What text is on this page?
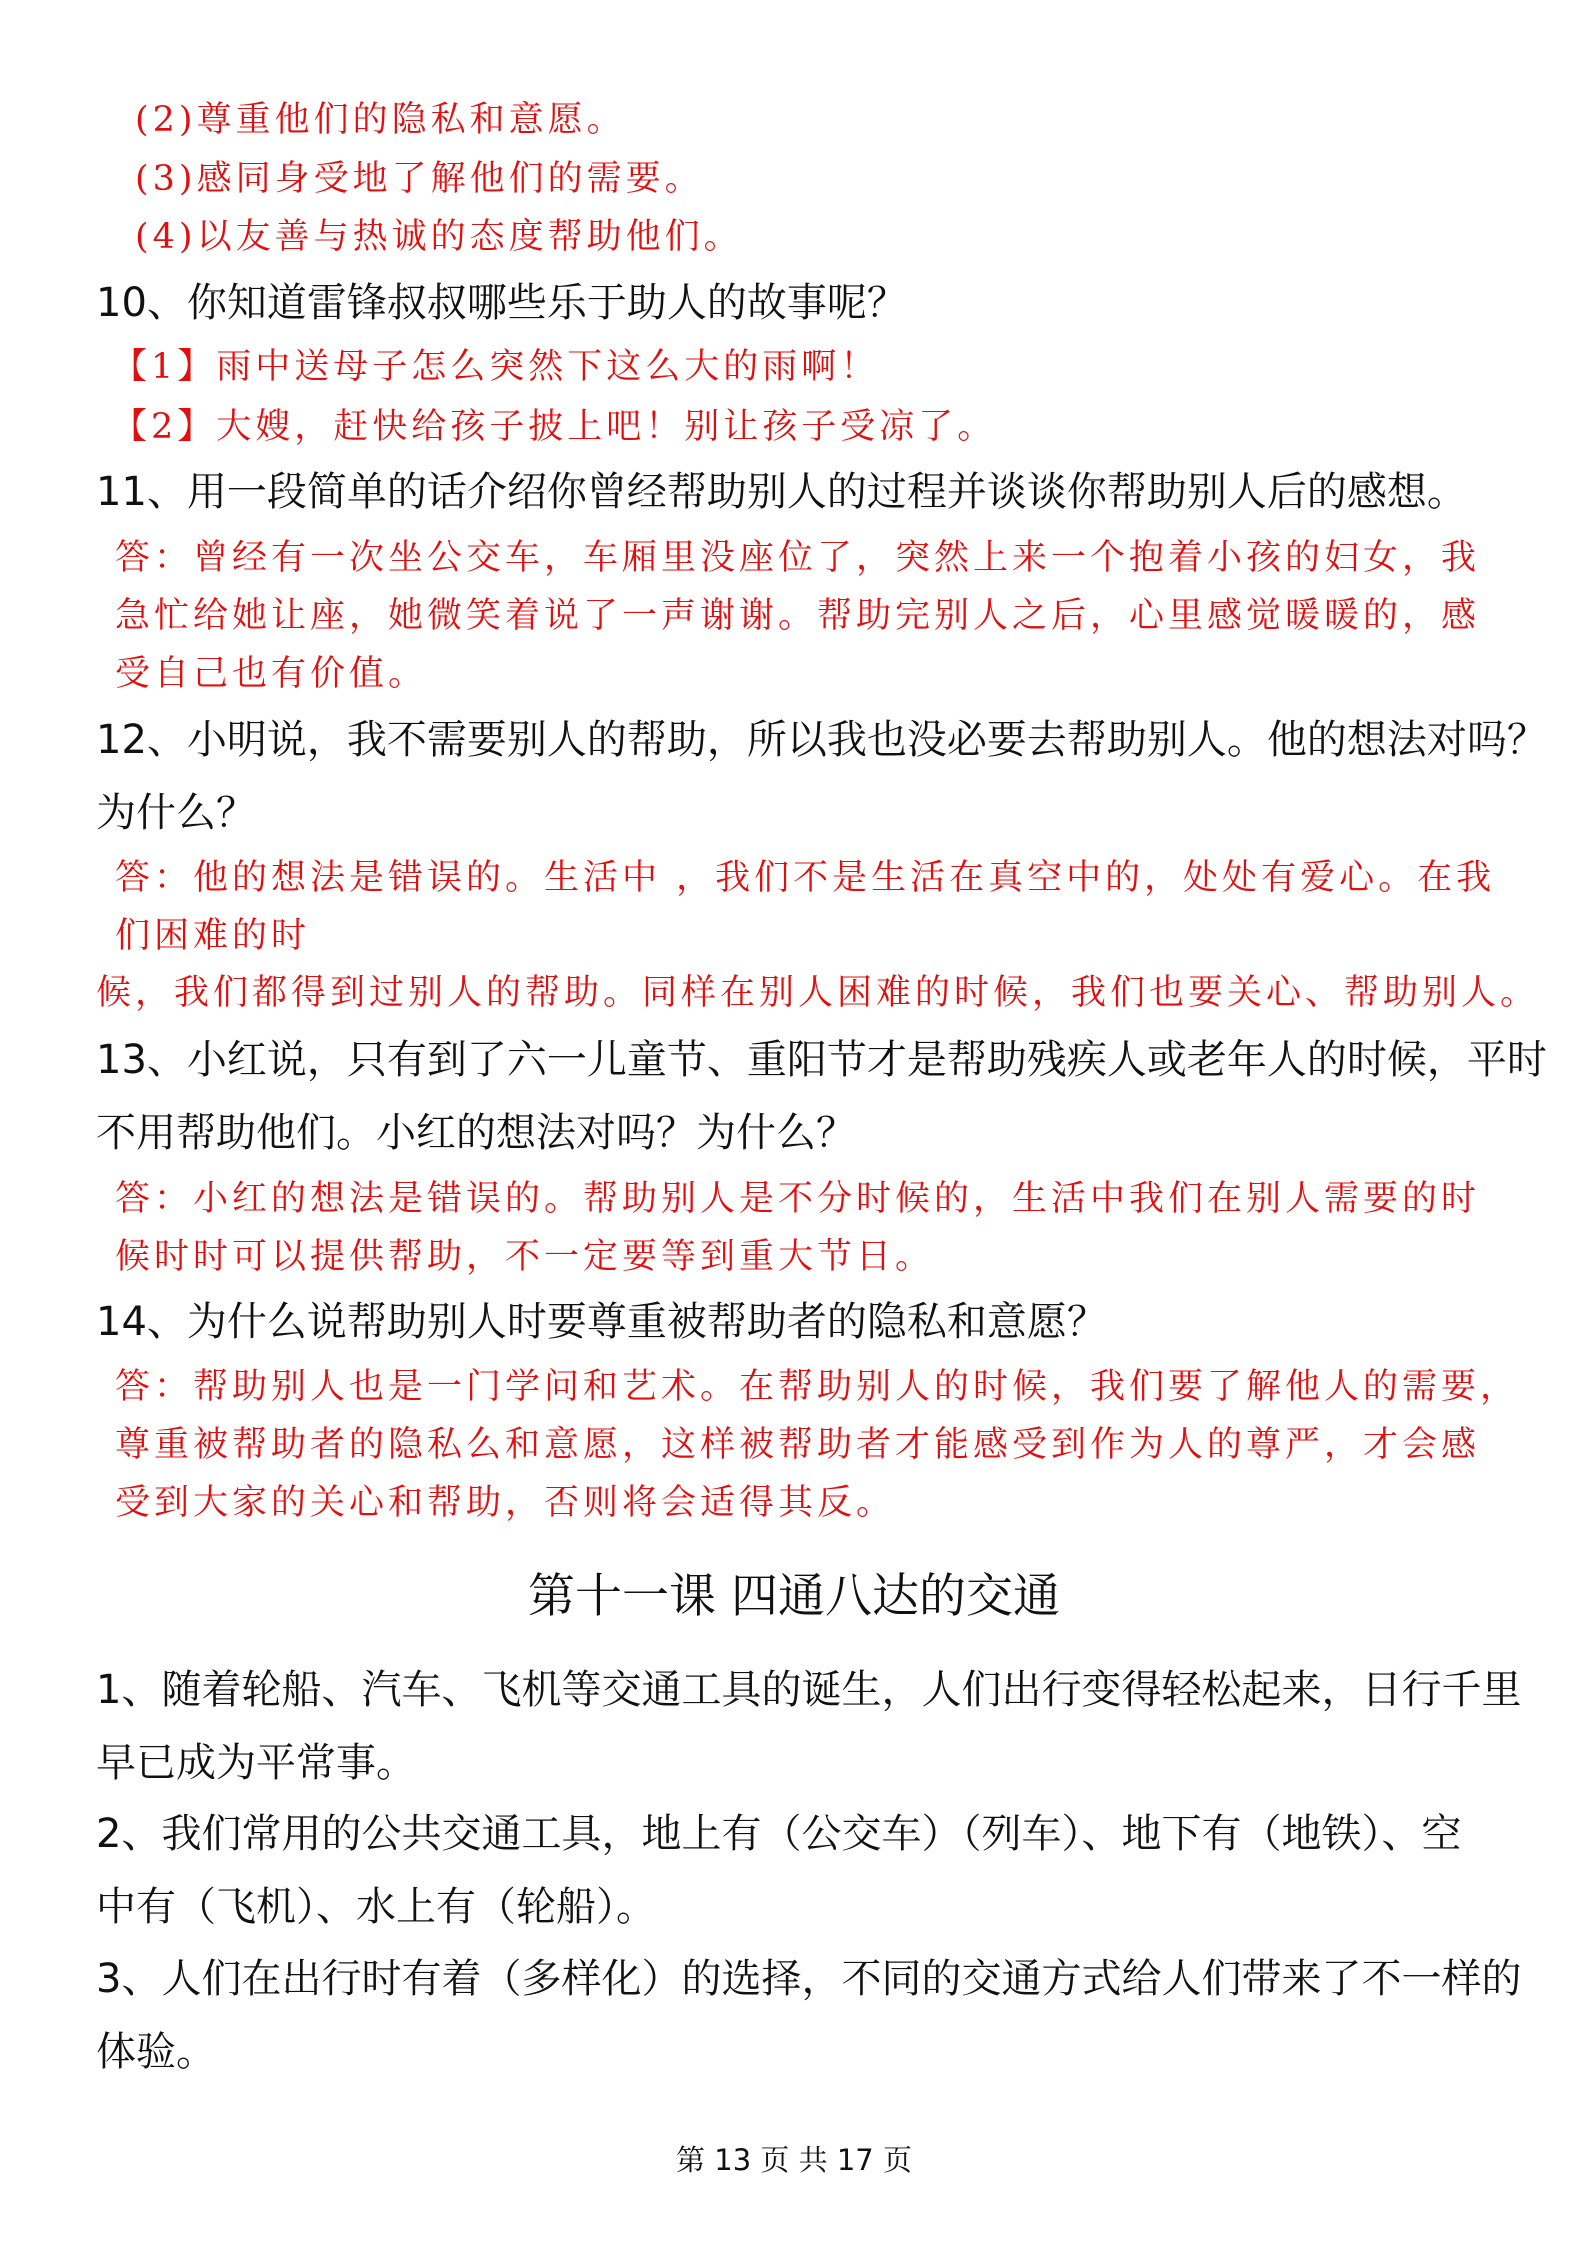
(2)尊重他们的隐私和意愿。
(3)感同身受地了解他们的需要。
(4)以友善与热诚的态度帮助他们。
10、你知道雷锋叔叔哪些乐于助人的故事呢？
【1】雨中送母子怎么突然下这么大的雨啊！
【2】大嫂，赶快给孩子披上吧！别让孩子受凉了。
11、用一段简单的话介绍你曾经帮助别人的过程并谈谈你帮助别人后的感想。
答：曾经有一次坐公交车，车厢里没座位了，突然上来一个抱着小孩的妇女，我
急忙给她让座，她微笑着说了一声谢谢。帮助完别人之后，心里感觉暖暖的，感
受自己也有价值。
12、小明说，我不需要别人的帮助，所以我也没必要去帮助别人。他的想法对吗？
为什么？
答：他的想法是错误的。生活中 ，我们不是生活在真空中的，处处有爱心。在我
们困难的时
候，我们都得到过别人的帮助。同样在别人困难的时候，我们也要关心、帮助别人。
13、小红说，只有到了六一儿童节、重阳节才是帮助残疾人或老年人的时候，平时
不用帮助他们。小红的想法对吗？为什么？
答：小红的想法是错误的。帮助别人是不分时候的，生活中我们在别人需要的时
候时时可以提供帮助，不一定要等到重大节日。
14、为什么说帮助别人时要尊重被帮助者的隐私和意愿？
答：帮助别人也是一门学问和艺术。在帮助别人的时候，我们要了解他人的需要，
尊重被帮助者的隐私么和意愿，这样被帮助者才能感受到作为人的尊严，才会感
受到大家的关心和帮助，否则将会适得其反。
第十一课 四通八达的交通
1、随着轮船、汽车、飞机等交通工具的诞生，人们出行变得轻松起来，日行千里
早已成为平常事。
2、我们常用的公共交通工具，地上有（公交车）（列车）、地下有（地铁）、空
中有（飞机）、水上有（轮船）。
3、人们在出行时有着（多样化）的选择，不同的交通方式给人们带来了不一样的
体验。
第 13 页 共 17 页
